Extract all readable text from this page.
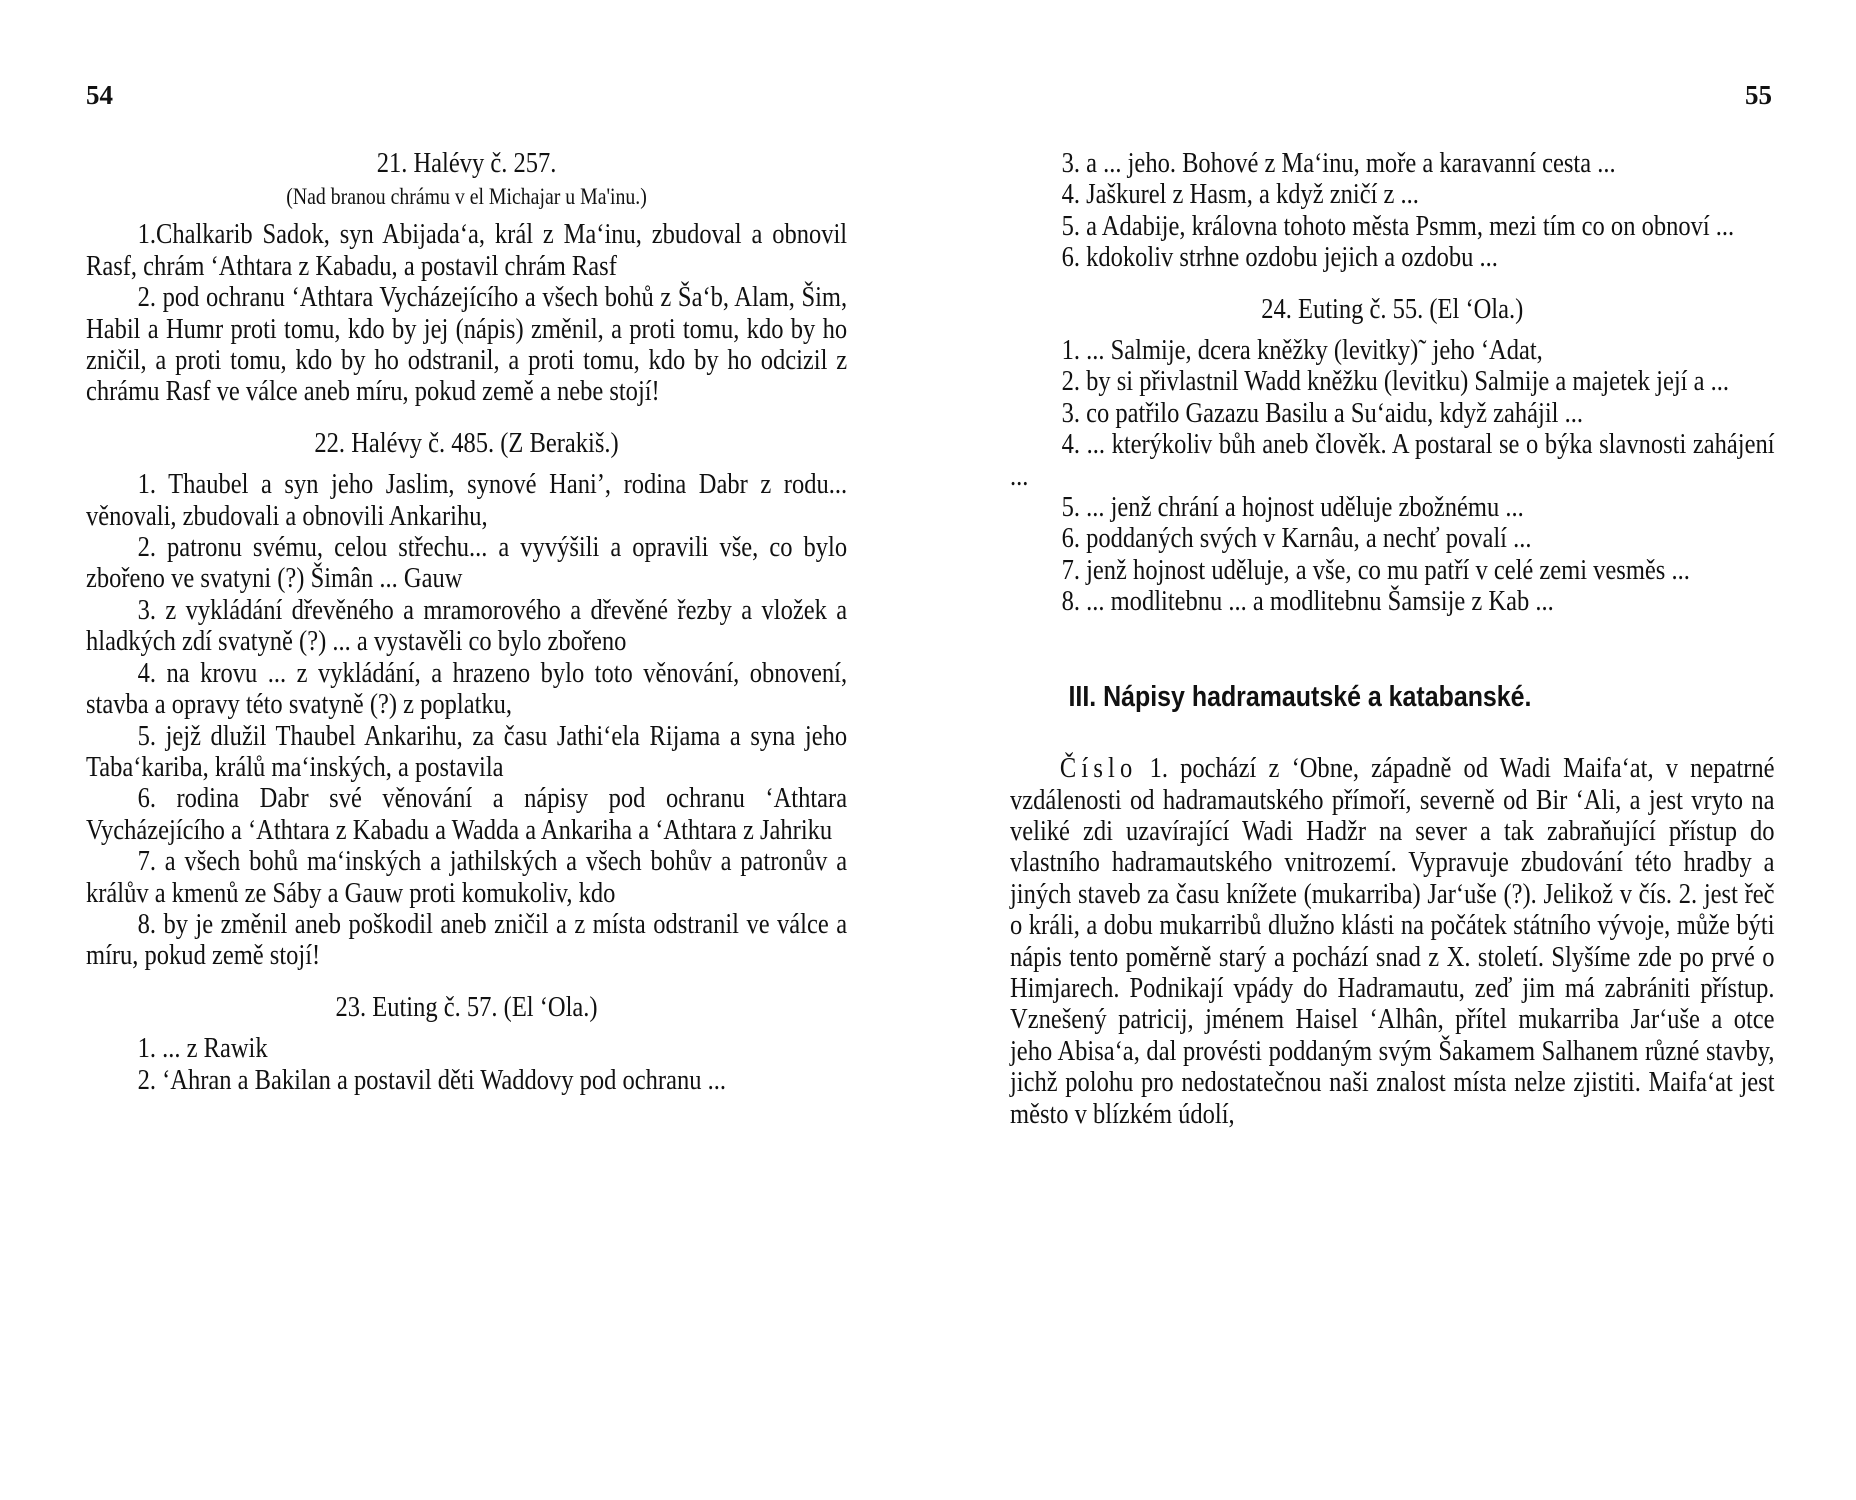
54	55
21. Halévy č. 257.
(Nad branou chrámu v el Michajar u Ma'inu.)

1.Chalkarib Sadok, syn Abijada‘a, král z Ma‘inu, zbudoval a obnovil Rasf, chrám ‘Athtara z Kabadu, a postavil chrám Rasf

2. pod ochranu ‘Athtara Vycházejícího a všech bohů z Ša‘b, Alam, Šim, Habil a Humr proti tomu, kdo by jej (nápis) změnil, a proti tomu, kdo by ho zničil, a proti tomu, kdo by ho odstranil, a proti tomu, kdo by ho odcizil z chrámu Rasf ve válce aneb míru, pokud země a nebe stojí!

22. Halévy č. 485. (Z Berakiš.)

1. Thaubel a syn jeho Jaslim, synové Hani’, rodina Dabr z rodu... věnovali, zbudovali a obnovili Ankarihu,

2. patronu svému, celou střechu... a vyvýšili a opravili vše, co bylo zbořeno ve svatyni (?) Šimân ... Gauw

3. z vykládání dřevěného a mramorového a dřevěné řezby a vložek a hladkých zdí svatyně (?) ... a vystavěli co bylo zbořeno

4. na krovu ... z vykládání, a hrazeno bylo toto věnování, obnovení, stavba a opravy této svatyně (?) z poplatku,

5. jejž dlužil Thaubel Ankarihu, za času Jathi‘ela Rijama a syna jeho Taba‘kariba, králů ma‘inských, a postavila

6. rodina Dabr své věnování a nápisy pod ochranu ‘Athtara Vycházejícího a ‘Athtara z Kabadu a Wadda a Ankariha a ‘Athtara z Jahriku

7. a všech bohů ma‘inských a jathilských a všech bohův a patronův a králův a kmenů ze Sáby a Gauw proti komukoliv, kdo

8. by je změnil aneb poškodil aneb zničil a z místa odstranil ve válce a míru, pokud země stojí!

23. Euting č. 57. (El ‘Ola.)

1. ... z Rawik

2. ‘Ahran a Bakilan a postavil děti Waddovy pod ochranu ...

3. a ... jeho. Bohové z Ma‘inu, moře a karavanní cesta ...

4. Jaškurel z Hasm, a když zničí z ...

5. a Adabije, královna tohoto města Psmm, mezi tím co on obnoví ...

6. kdokoliv strhne ozdobu jejich a ozdobu ...

24. Euting č. 55. (El ‘Ola.)

1. ... Salmije, dcera kněžky (levitky)˜ jeho ‘Adat,

2. by si přivlastnil Wadd kněžku (levitku) Salmije a majetek její a ...

3. co patřilo Gazazu Basilu a Su‘aidu, když zahájil ...

4. ... kterýkoliv bůh aneb člověk. A postaral se o býka slavnosti zahájení ...

5. ... jenž chrání a hojnost uděluje zbožnému ...

6. poddaných svých v Karnâu, a nechť povalí ...

7. jenž hojnost uděluje, a vše, co mu patří v celé zemi vesměs ...

8. ... modlitebnu ... a modlitebnu Šamsije z Kab ...

III. Nápisy hadramautské a katabanské.

Číslo 1. pochází z ‘Obne, západně od Wadi Maifa‘at, v nepatrné vzdálenosti od hadramautského přímoří, severně od Bir ‘Ali, a jest vryto na veliké zdi uzavírající Wadi Hadžr na sever a tak zabraňující přístup do vlastního hadramautského vnitrozemí. Vypravuje zbudování této hradby a jiných staveb za času knížete (mukarriba) Jar‘uše (?). Jelikož v čís. 2. jest řeč o králi, a dobu mukarribů dlužno klásti na počátek státního vývoje, může býti nápis tento poměrně starý a pochází snad z X. století. Slyšíme zde po prvé o Himjarech. Podnikají vpády do Hadramautu, zeď jim má zabrániti přístup. Vznešený patricij, jménem Haisel ‘Alhân, přítel mukarriba Jar‘uše a otce jeho Abisa‘a, dal provésti poddaným svým Šakamem Salhanem různé stavby, jichž polohu pro nedostatečnou naši znalost místa nelze zjistiti. Maifa‘at jest město v blízkém údolí,
